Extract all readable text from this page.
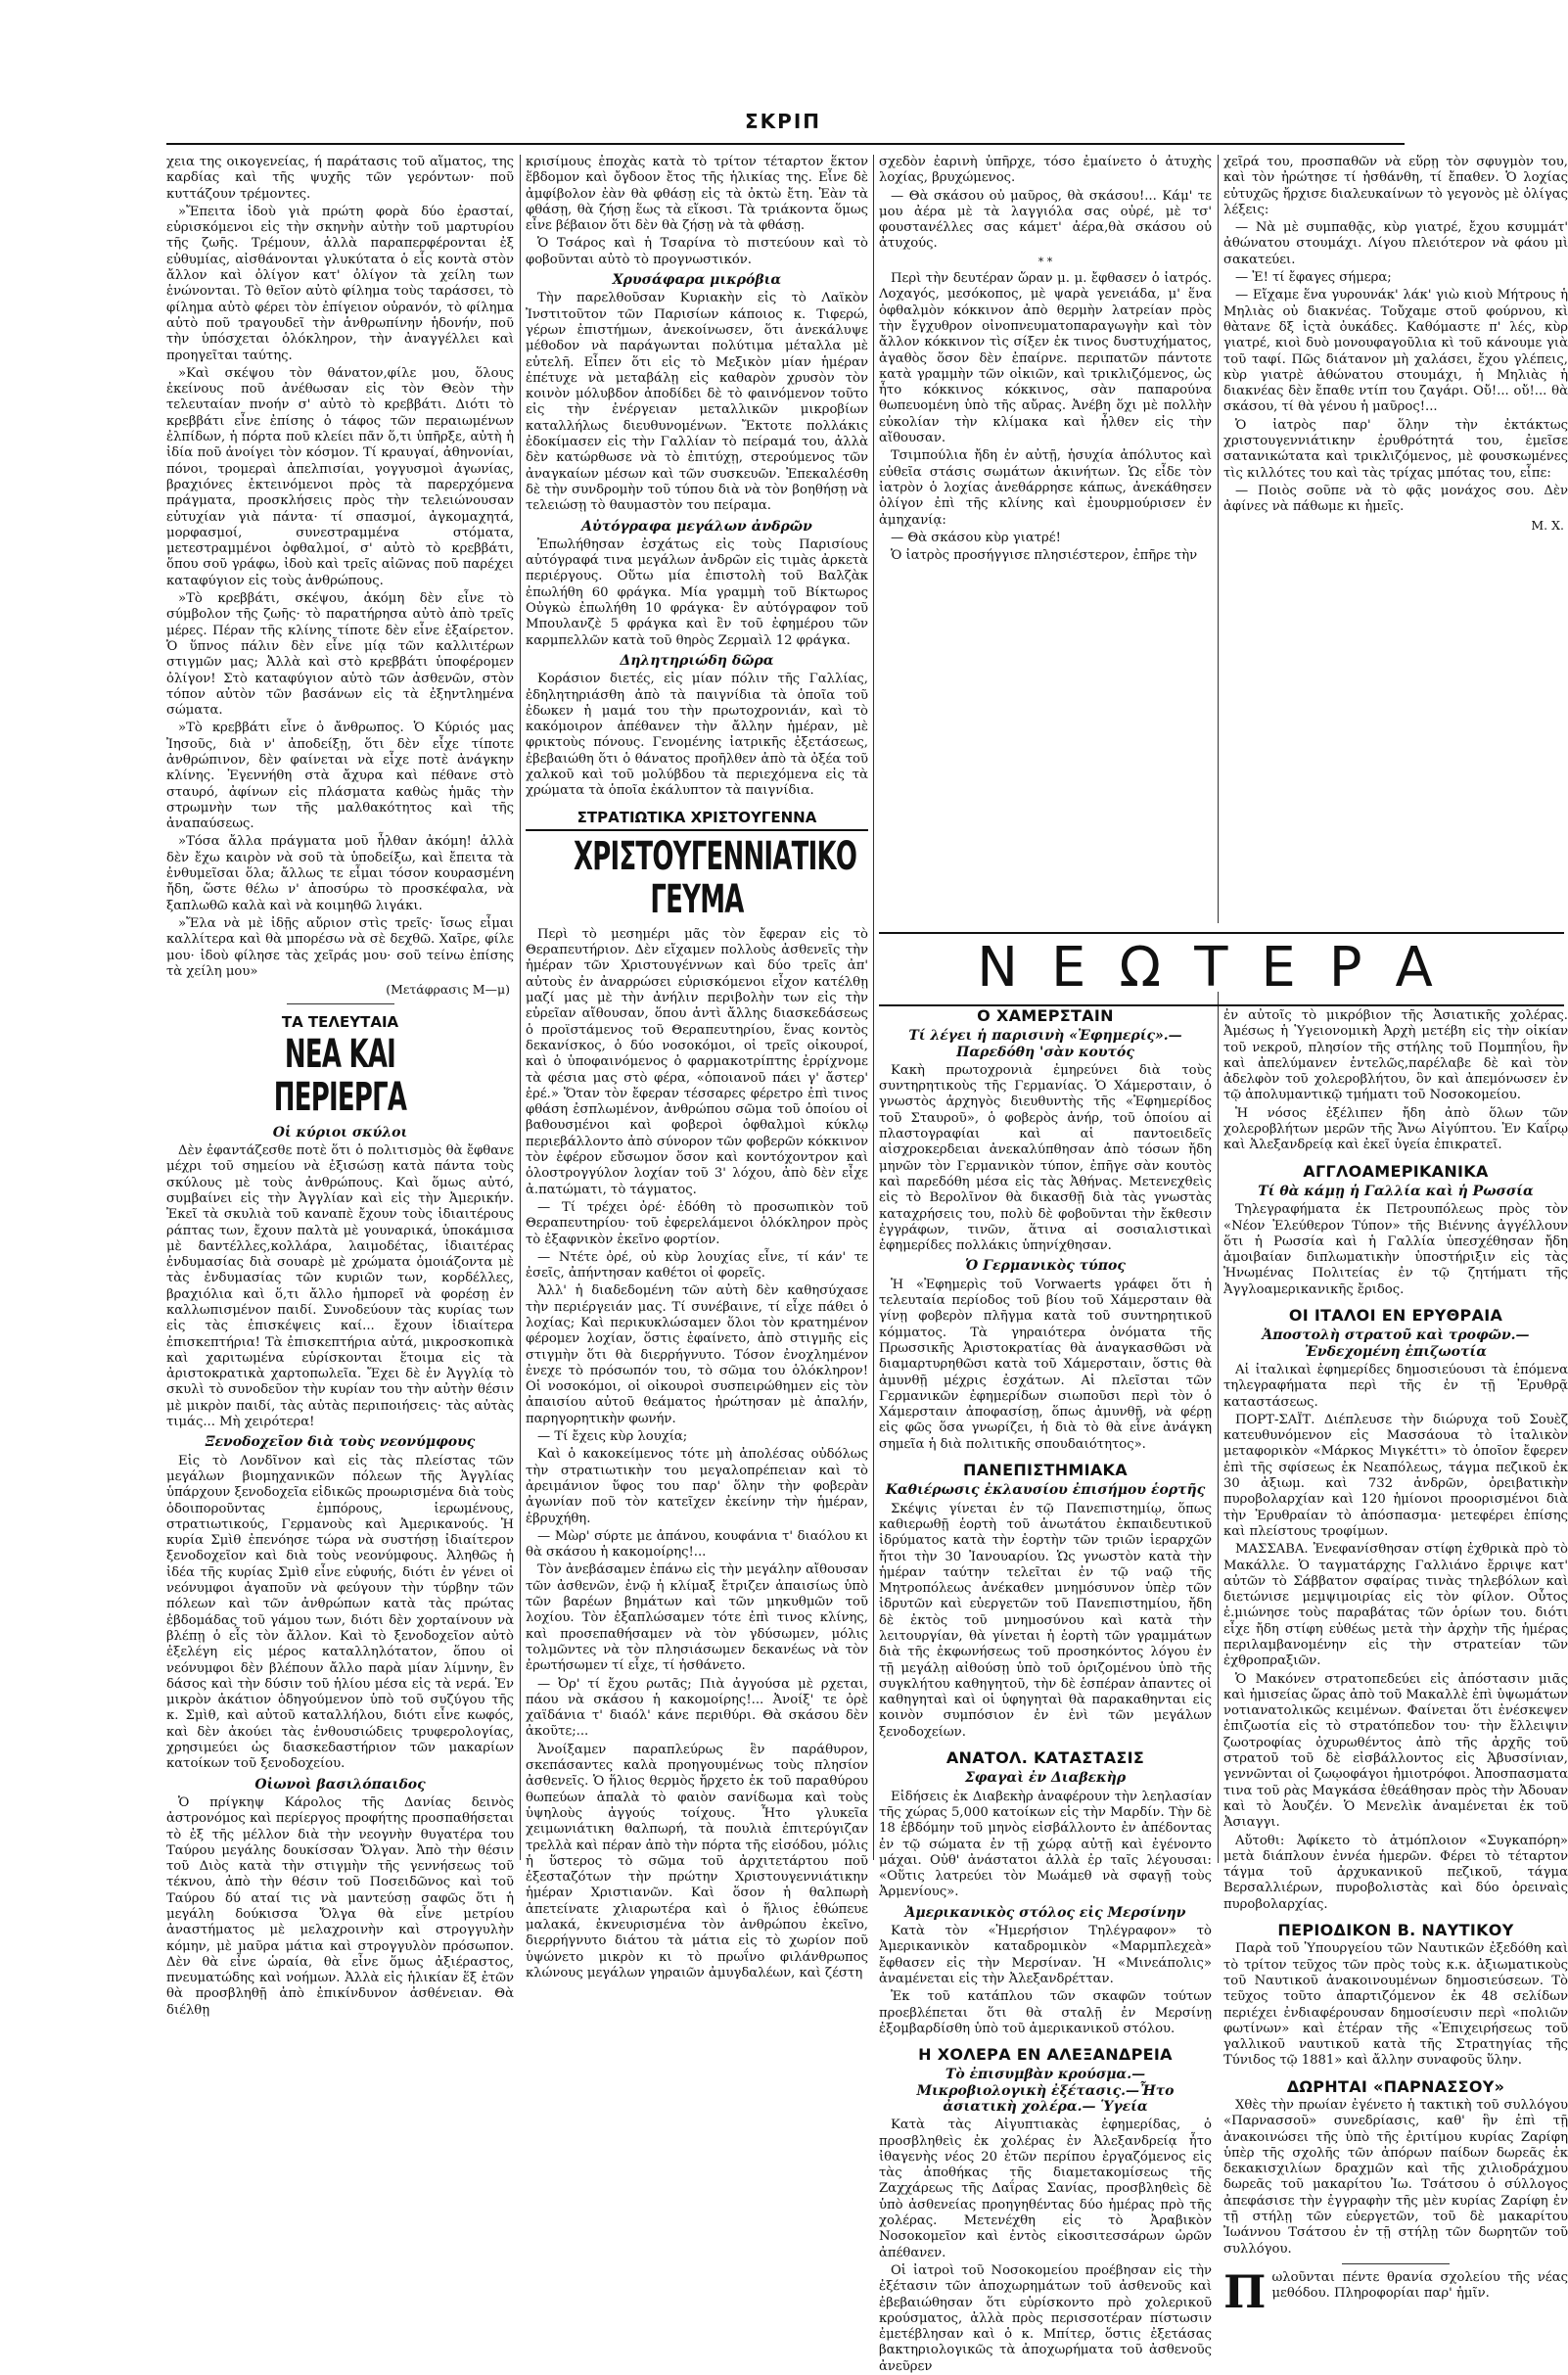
ΣΚΡΙΠ

χεια της οικογενείας, ή παράτασις τοῦ αἵματος, της καρδίας καὶ τῆς ψυχῆς τῶν γερόντων· ποῦ κυττάζουν τρέμοντες.

»Ἔπειτα ἰδοὺ γιὰ πρώτη φορὰ δύο ἐρασταί, εὑρισκόμενοι εἰς τὴν σκηνὴν αὐτὴν τοῦ μαρτυρίου τῆς ζωῆς. Τρέμουν, ἀλλὰ παραπερφέρονται ἐξ εὐθυμίας, αἰσθάνονται γλυκύτατα ὁ εἷς κοντὰ στὸν ἄλλον καὶ ὀλίγον κατ' ὀλίγον τὰ χείλη των ἑνώνονται. Τὸ θεῖον αὐτὸ φίλημα τοὺς ταράσσει, τὸ φίλημα αὐτὸ φέρει τὸν ἐπίγειον οὐρανόν, τὸ φίλημα αὐτὸ ποῦ τραγουδεῖ τὴν ἀνθρωπίνην ἡδονήν, ποῦ τὴν ὑπόσχεται ὁλόκληρον, τὴν ἀναγγέλλει καὶ προηγεῖται ταύτης.

»Καὶ σκέψου τὸν θάνατον,φίλε μου, ὅλους ἐκείνους ποῦ ἀνέθωσαν εἰς τὸν Θεὸν τὴν τελευταίαν πνοήν σ' αὐτὸ τὸ κρεββάτι. Διότι τὸ κρεββάτι εἶνε ἐπίσης ὁ τάφος τῶν περαιωμένων ἐλπίδων, ἡ πόρτα ποῦ κλείει πᾶν ὅ,τι ὑπῆρξε, αὐτὴ ἡ ἰδία ποῦ ἀνοίγει τὸν κόσμον. Τί κραυγαί, ἀθηνονίαι, πόνοι, τρομεραὶ ἀπελπισίαι, γογγυσμοὶ ἀγωνίας, βραχιόνες ἐκτεινόμενοι πρὸς τὰ παρερχόμενα πράγματα, προσκλήσεις πρὸς τὴν τελειώνουσαν εὐτυχίαν γιὰ πάντα· τί σπασμοί, ἀγκομαχητά, μορφασμοί, συνεστραμμένα στόματα, μετεστραμμένοι ὀφθαλμοί, σ' αὐτὸ τὸ κρεββάτι, ὅπου σοῦ γράφω, ἰδοὺ καὶ τρεῖς αἰῶνας ποῦ παρέχει καταφύγιον εἰς τοὺς ἀνθρώπους.

»Τὸ κρεββάτι, σκέψου, ἀκόμη δὲν εἶνε τὸ σύμβολον τῆς ζωῆς· τὸ παρατήρησα αὐτὸ ἀπὸ τρεῖς μέρες. Πέραν τῆς κλίνης τίποτε δὲν εἶνε ἐξαίρετον. Ὁ ὕπνος πάλιν δὲν εἶνε μίᾳ τῶν καλλιτέρων στιγμῶν μας; Ἀλλὰ καὶ στὸ κρεββάτι ὑποφέρομεν ὀλίγον! Στὸ καταφύγιον αὐτὸ τῶν ἀσθενῶν, στὸν τόπον αὐτὸν τῶν βασάνων εἰς τὰ ἐξηντλημένα σώματα.

»Τὸ κρεββάτι εἶνε ὁ ἄνθρωπος. Ὁ Κύριός μας Ἰησοῦς, διὰ ν' ἀποδείξῃ, ὅτι δὲν εἶχε τίποτε ἀνθρώπινον, δὲν φαίνεται νὰ εἶχε ποτὲ ἀνάγκην κλίνης. Ἐγεννήθη στὰ ἄχυρα καὶ πέθανε στὸ σταυρό, ἀφίνων εἰς πλάσματα καθὼς ἡμᾶς τὴν στρωμνὴν των τῆς μαλθακότητος καὶ τῆς ἀναπαύσεως.

»Τόσα ἄλλα πράγματα μοῦ ἦλθαν ἀκόμη! ἀλλὰ δὲν ἔχω καιρὸν νὰ σοῦ τὰ ὑποδείξω, καὶ ἔπειτα τὰ ἐνθυμεῖσαι ὅλα; ἄλλως τε εἶμαι τόσον κουρασμένη ἤδη, ὥστε θέλω ν' ἀποσύρω τὸ προσκέφαλα, νὰ ξαπλωθῶ καλὰ καὶ νὰ κοιμηθῶ λιγάκι.

»Ἔλα νὰ μὲ ἰδῇς αὔριον στὶς τρεῖς· ἴσως εἶμαι καλλίτερα καὶ θὰ μπορέσω νὰ σὲ δεχθῶ. Χαῖρε, φίλε μου· ἰδοὺ φίλησε τὰς χεῖράς μου· σοῦ τείνω ἐπίσης τὰ χείλη μου»

(Μετάφρασις Μ—μ)
ΤΑ ΤΕΛΕΥΤΑΙΑ
ΝΕΑ ΚΑΙ ΠΕΡΙΕΡΓΑ
Οἱ κύριοι σκύλοι

Δὲν ἐφαντάζεσθε ποτὲ ὅτι ὁ πολιτισμὸς θὰ ἔφθανε μέχρι τοῦ σημείου νὰ ἐξισώσῃ κατὰ πάντα τοὺς σκύλους μὲ τοὺς ἀνθρώπους. Καὶ ὅμως αὐτό, συμβαίνει εἰς τὴν Ἀγγλίαν καὶ εἰς τὴν Ἀμερικήν. Ἐκεῖ τὰ σκυλιὰ τοῦ καναπὲ ἔχουν τοὺς ἰδιαιτέρους ράπτας των, ἔχουν παλτὰ μὲ γουναρικά, ὑποκάμισα μὲ δαντέλλες,κολλάρα, λαιμοδέτας, ἰδιαιτέρας ἐνδυμασίας διὰ σουαρὲ μὲ χρώματα ὁμοιάζοντα μὲ τὰς ἐνδυμασίας τῶν κυριῶν των, κορδέλλες, βραχιόλια καὶ ὅ,τι ἄλλο ἡμπορεῖ νὰ φορέσῃ ἐν καλλωπισμένον παιδί. Συνοδεύουν τὰς κυρίας των εἰς τὰς ἐπισκέψεις καί... ἔχουν ἰδιαίτερα ἐπισκεπτήρια! Τὰ ἐπισκεπτήρια αὐτά, μικροσκοπικὰ καὶ χαριτωμένα εὑρίσκονται ἕτοιμα εἰς τὰ ἀριστοκρατικὰ χαρτοπωλεῖα. Ἔχει δὲ ἐν Ἀγγλίᾳ τὸ σκυλὶ τὸ συνοδεῦον τὴν κυρίαν του τὴν αὐτὴν θέσιν μὲ μικρὸν παιδί, τὰς αὐτὰς περιποιήσεις· τὰς αὐτὰς τιμάς... Μὴ χειρότερα!

Ξενοδοχεῖον διὰ τοὺς νεονύμφους

Εἰς τὸ Λονδῖνον καὶ εἰς τὰς πλείστας τῶν μεγάλων βιομηχανικῶν πόλεων τῆς Ἀγγλίας ὑπάρχουν ξενοδοχεῖα εἰδικῶς προωρισμένα διὰ τοὺς ὁδοιποροῦντας ἐμπόρους, ἱερωμένους, στρατιωτικούς, Γερμανοὺς καὶ Ἀμερικανούς. Ἡ κυρία Σμὶθ ἐπενόησε τώρα νὰ συστήσῃ ἰδιαίτερον ξενοδοχεῖον καὶ διὰ τοὺς νεονύμφους. Ἀληθῶς ἡ ἰδέα τῆς κυρίας Σμὶθ εἶνε εὐφυής, διότι ἐν γένει οἱ νεόνυμφοι ἀγαποῦν νὰ φεύγουν τὴν τύρβην τῶν πόλεων καὶ τῶν ἀνθρώπων κατὰ τὰς πρώτας ἑβδομάδας τοῦ γάμου των, διότι δὲν χορταίνουν νὰ βλέπῃ ὁ εἷς τὸν ἄλλον. Καὶ τὸ ξενοδοχεῖον αὐτὸ ἐξελέγη εἰς μέρος καταλληλότατον, ὅπου οἱ νεόνυμφοι δὲν βλέπουν ἄλλο παρὰ μίαν λίμνην, ἓν δάσος καὶ τὴν δύσιν τοῦ ἡλίου μέσα εἰς τὰ νερά. Ἐν μικρὸν ἀκάτιον ὁδηγούμενον ὑπὸ τοῦ συζύγου τῆς κ. Σμὶθ, καὶ αὐτοῦ καταλλήλου, διότι εἶνε κωφός, καὶ δὲν ἀκούει τὰς ἐνθουσιώδεις τρυφερολογίας, χρησιμεύει ὡς διασκεδαστήριον τῶν μακαρίων κατοίκων τοῦ ξενοδοχείου.

Οἰωνοὶ βασιλόπαιδος

Ὁ πρίγκηψ Κάρολος τῆς Δανίας δεινὸς ἀστρονόμος καὶ περίεργος προφήτης προσπαθήσεται τὸ ἐξ τῆς μέλλον διὰ τὴν νεογνὴν θυγατέρα του Ταύρου μεγάλης δουκίσσαν Ὄλγαν. Ἀπὸ τὴν θέσιν τοῦ Διὸς κατὰ τὴν στιγμὴν τῆς γεννήσεως τοῦ τέκνου, ἀπὸ τὴν θέσιν τοῦ Ποσειδῶνος καὶ τοῦ Ταύρου δύ αταί τις νὰ μαντεύσῃ σαφῶς ὅτι ἡ μεγάλη δούκισσα Ὄλγα θὰ εἶνε μετρίου ἀναστήματος μὲ μελαχροινὴν καὶ στρογγυλὴν κόμην, μὲ μαῦρα μάτια καὶ στρογγυλὸν πρόσωπον. Δὲν θὰ εἶνε ὡραία, θὰ εἶνε ὅμως ἀξιέραστος, πνευματώδης καὶ νοήμων. Ἀλλὰ εἰς ἡλικίαν ἕξ ἐτῶν θὰ προσβληθῇ ἀπὸ ἐπικίνδυνον ἀσθένειαν. Θὰ διέλθῃ

κρισίμους ἐποχὰς κατὰ τὸ τρίτον τέταρτον ἕκτον ἕβδομον καὶ ὄγδοον ἔτος τῆς ἡλικίας της. Εἶνε δὲ ἀμφίβολον ἐὰν θὰ φθάσῃ εἰς τὰ ὀκτὼ ἔτη. Ἐὰν τὰ φθάσῃ, θὰ ζήσῃ ἕως τὰ εἴκοσι. Τὰ τριάκοντα ὅμως εἶνε βέβαιον ὅτι δὲν θὰ ζήσῃ νὰ τὰ φθάσῃ.

Ὁ Τσάρος καὶ ἡ Τσαρίνα τὸ πιστεύουν καὶ τὸ φοβοῦνται αὐτὸ τὸ προγνωστικόν.

Χρυσάφαρα μικρόβια

Τὴν παρελθοῦσαν Κυριακὴν εἰς τὸ Λαϊκὸν Ἰνστιτοῦτον τῶν Παρισίων κάποιος κ. Τιφερώ, γέρων ἐπιστήμων, ἀνεκοίνωσεν, ὅτι ἀνεκάλυψε μέθοδον νὰ παράγωνται πολύτιμα μέταλλα μὲ εὐτελῆ. Εἶπεν ὅτι εἰς τὸ Μεξικὸν μίαν ἡμέραν ἐπέτυχε νὰ μεταβάλῃ εἰς καθαρὸν χρυσὸν τὸν κοινὸν μόλυβδον ἀποδίδει δὲ τὸ φαινόμενον τοῦτο εἰς τὴν ἐνέργειαν μεταλλικῶν μικροβίων καταλλήλως διευθυνομένων. Ἔκτοτε πολλάκις ἐδοκίμασεν εἰς τὴν Γαλλίαν τὸ πείραμά του, ἀλλὰ δὲν κατώρθωσε νὰ τὸ ἐπιτύχῃ, στερούμενος τῶν ἀναγκαίων μέσων καὶ τῶν συσκευῶν. Ἐπεκαλέσθη δὲ τὴν συνδρομὴν τοῦ τύπου διὰ νὰ τὸν βοηθήσῃ νὰ τελειώσῃ τὸ θαυμαστὸν του πείραμα.

Αὐτόγραφα μεγάλων ἀνδρῶν

Ἐπωλήθησαν ἐσχάτως εἰς τοὺς Παρισίους αὐτόγραφά τινα μεγάλων ἀνδρῶν εἰς τιμὰς ἀρκετὰ περιέργους. Οὕτω μία ἐπιστολὴ τοῦ Βαλζὰκ ἐπωλήθη 60 φράγκα. Μία γραμμὴ τοῦ Βίκτωρος Οὐγκὼ ἐπωλήθη 10 φράγκα· ἓν αὐτόγραφον τοῦ Μπουλανζὲ 5 φράγκα καὶ ἓν τοῦ ἐφημέρου τῶν καρμπελλῶν κατὰ τοῦ θηρὸς Ζερμαὶλ 12 φράγκα.

Δηλητηριώδη δῶρα

Κοράσιον διετές, εἰς μίαν πόλιν τῆς Γαλλίας, ἐδηλητηριάσθη ἀπὸ τὰ παιγνίδια τὰ ὁποῖα τοῦ ἐδωκεν ἡ μαμά του τὴν πρωτοχρονιάν, καὶ τὸ κακόμοιρον ἀπέθανεν τὴν ἄλλην ἡμέραν, μὲ φρικτοὺς πόνους. Γενομένης ἰατρικῆς ἐξετάσεως, ἐβεβαιώθη ὅτι ὁ θάνατος προῆλθεν ἀπὸ τὰ ὀξέα τοῦ χαλκοῦ καὶ τοῦ μολύβδου τὰ περιεχόμενα εἰς τὰ χρώματα τὰ ὁποῖα ἐκάλυπτον τὰ παιγνίδια.

ΣΤΡΑΤΙΩΤΙΚΑ ΧΡΙΣΤΟΥΓΕΝΝΑ
ΧΡΙΣΤΟΥΓΕΝΝΙΑΤΙΚΟ ΓΕΥΜΑ

Περὶ τὸ μεσημέρι μᾶς τὸν ἔφεραν εἰς τὸ Θεραπευτήριον. Δὲν εἴχαμεν πολλοὺς ἀσθενεῖς τὴν ἡμέραν τῶν Χριστουγέννων καὶ δύο τρεῖς ἀπ' αὐτοὺς ἐν ἀναρρώσει εὑρισκόμενοι εἶχον κατέλθῃ μαζί μας μὲ τὴν ἀνήλιν περιβολὴν των εἰς τὴν εὐρεῖαν αἴθουσαν, ὅπου ἀντὶ ἄλλης διασκεδάσεως ὁ προϊστάμενος τοῦ Θεραπευτηρίου, ἕνας κοντὸς δεκανίσκος, ὁ δύο νοσοκόμοι, οἱ τρεῖς οἰκουροί, καὶ ὁ ὑποφαινόμενος ὁ φαρμακοτρίπτης ἐρρίχνομε τὰ φέσια μας στὸ φέρα, «ὁποιανοῦ πάει γ' ἄστερ' ἐρέ.» Ὅταν τὸν ἔφεραν τέσσαρες φέρετρο ἐπὶ τινος φθάση ἐσπλωμένον, ἀνθρώπου σῶμα τοῦ ὁποίου οἱ βαθουσμένοι καὶ φοβεροὶ ὀφθαλμοὶ κύκλῳ περιεβάλλοντο ἀπὸ σύνορον τῶν φοβερῶν κόκκινον τὸν ἐφέρον εὔσωμον ὅσον καὶ κοντόχοντρον καὶ ὁλοστρογγύλον λοχίαν τοῦ 3' λόχου, ἀπὸ δὲν εἶχε ἀ.πατώματι, τὸ τάγματος.

— Τί τρέχει ὀρέ· ἐδόθη τὸ προσωπικὸν τοῦ Θεραπευτηρίου· τοῦ ἐφερελάμενοι ὁλόκληρον πρὸς τὸ ἐξαφνικὸν ἐκεῖνο φορτίον.

— Ντέτε ὀρέ, οὐ κὺρ λουχίας εἶνε, τί κάν' τε ἐσεῖς, ἀπήντησαν καθέτοι οἱ φορεῖς.

Ἀλλ' ἡ διαδεδομένη τῶν αὐτὴ δὲν καθησύχασε τὴν περιέργειάν μας. Τί συνέβαινε, τί εἶχε πάθει ὁ λοχίας; Καὶ περικυκλώσαμεν ὅλοι τὸν κρατημένον φέρομεν λοχίαν, ὅστις ἐφαίνετο, ἀπὸ στιγμῆς εἰς στιγμὴν ὅτι θὰ διερρήγνυτο. Τόσον ἐνοχλημένον ἐνεχε τὸ πρόσωπόν του, τὸ σῶμα του ὁλόκληρον! Οἱ νοσοκόμοι, οἱ οἰκουροὶ συσπειρώθημεν εἰς τὸν ἀπαισίου αὐτοῦ θεάματος ἠρώτησαν μὲ ἀπαλήν, παρηγορητικὴν φωνήν.

— Τί ἔχεις κὺρ λουχία;

Καὶ ὁ κακοκείμενος τότε μὴ ἀπολέσας οὐδόλως τὴν στρατιωτικὴν του μεγαλοπρέπειαν καὶ τὸ ἀρειμάνιον ὕφος του παρ' ὅλην τὴν φοβερὰν ἀγωνίαν ποῦ τὸν κατεῖχεν ἐκείνην τὴν ἡμέραν, ἐβρυχήθη.

— Μὼρ' σύρτε με ἀπάνου, κουφάνια τ' διαόλου κι θὰ σκάσου ἡ κακομοίρης!...

Τὸν ἀνεβάσαμεν ἐπάνω εἰς τὴν μεγάλην αἴθουσαν τῶν ἀσθενῶν, ἐνῷ ἡ κλίμαξ ἔτριζεν ἀπαισίως ὑπὸ τῶν βαρέων βημάτων καὶ τῶν μηκυθμῶν τοῦ λοχίου. Τὸν ἐξαπλώσαμεν τότε ἐπὶ τινος κλίνης, καὶ προσεπαθήσαμεν νὰ τὸν γδύσωμεν, μόλις τολμῶντες νὰ τὸν πλησιάσωμεν δεκανέως νὰ τὸν ἐρωτήσωμεν τί εἶχε, τί ἠσθάνετο.

— Ὀρ' τί ἔχου ρωτᾶς; Πιὰ ἀγγούσα μὲ ρχεται, πάου νὰ σκάσου ἡ κακομοίρης!... Ἀνοίξ' τε ὀρὲ χαϊδάνια τ' διαόλ' κάνε περιθύρι. Θὰ σκάσου δὲν ἀκοῦτε;...

Ἀνοίξαμεν παραπλεύρως ἓν παράθυρον, σκεπάσαντες καλὰ προηγουμένως τοὺς πλησίον ἀσθενεῖς. Ὁ ἥλιος θερμὸς ἤρχετο ἐκ τοῦ παραθύρου θωπεύων ἁπαλὰ τὸ φαιὸν σανίδωμα καὶ τοὺς ὑψηλοὺς ἀγγούς τοίχους. Ἦτο γλυκεῖα χειμωνιάτικη θαλπωρή, τὰ πουλιὰ ἐπιτερύγιζαν τρελλὰ καὶ πέραν ἀπὸ τὴν πόρτα τῆς εἰσόδου, μόλις ἡ ὕστερος τὸ σῶμα τοῦ ἀρχιτετάρτου ποῦ ἐξεσταζότων τὴν πρώτην Χριστουγεννιάτικην ἡμέραν Χριστιανῶν. Καὶ ὅσον ἡ θαλπωρὴ ἀπετείνατε χλιαρωτέρα καὶ ὁ ἥλιος ἐθώπευε μαλακά, ἐκνευρισμένα τὸν ἀνθρώπου ἐκεῖνο, διερρήγνυτο διάτου τὰ μάτια εἰς τὸ χωρίον ποῦ ὑψώνετο μικρὸν κι τὸ πρωΐνο φιλάνθρωπος κλώνους μεγάλων γηραιῶν ἀμυγδαλέων, καὶ ζέστη

σχεδὸν ἐαρινὴ ὑπῆρχε, τόσο ἐμαίνετο ὁ ἀτυχὴς λοχίας, βρυχώμενος.

— Θὰ σκάσου οὐ μαῦρος, θὰ σκάσου!... Κάμ' τε μου ἀέρα μὲ τὰ λαγγιόλα σας οὐρέ, μὲ τσ' φουστανέλλες σας κάμετ' ἀέρα,θὰ σκάσου οὐ ἀτυχούς.

* *

Περὶ τὴν δευτέραν ὥραν μ. μ. ἔφθασεν ὁ ἰατρός. Λοχαγός, μεσόκοπος, μὲ ψαρὰ γενειάδα, μ' ἕνα ὀφθαλμὸν κόκκινον ἀπὸ θερμὴν λατρείαν πρὸς τὴν ἔγχυθρον οἰνοπνευματοπαραγωγὴν καὶ τὸν ἄλλον κόκκινον τὶς σίξεν ἐκ τινος δυστυχήματος, ἀγαθὸς ὅσον δὲν ἐπαίρνε. περιπατῶν πάντοτε κατὰ γραμμὴν τῶν οἰκιῶν, καὶ τρικλιζόμενος, ὡς ἦτο κόκκινος κόκκινος, σὰν παπαρούνα θωπευομένη ὑπὸ τῆς αὔρας. Ἀνέβη ὅχι μὲ πολλὴν εὐκολίαν τὴν κλίμακα καὶ ἦλθεν εἰς τὴν αἴθουσαν.

Τσιμπούλια ἤδη ἐν αὐτῇ, ἡσυχία ἀπόλυτος καὶ εὐθεῖα στάσις σωμάτων ἀκινήτων. Ὡς εἶδε τὸν ἰατρὸν ὁ λοχίας ἀνεθάρρησε κάπως, ἀνεκάθησεν ὀλίγον ἐπὶ τῆς κλίνης καὶ ἐμουρμούρισεν ἐν ἀμηχανίᾳ:

— Θὰ σκάσου κὺρ γιατρέ!

Ὁ ἰατρὸς προσήγγισε πλησιέστερον, ἐπῆρε τὴν

χεῖρά του, προσπαθῶν νὰ εὕρῃ τὸν σφυγμὸν του, καὶ τὸν ἠρώτησε τί ἠσθάνθη, τί ἔπαθεν. Ὁ λοχίας εὐτυχῶς ἤρχισε διαλευκαίνων τὸ γεγονὸς μὲ ὀλίγας λέξεις:

— Νὰ μὲ συμπαθᾷς, κὺρ γιατρέ, ἔχου κσυμμάτ' ἀθώνατου στουμάχι. Λίγου πλειότερον νὰ φάου μὶ σακατεύει.

— Ἐ! τί ἔφαγες σήμερα;

— Εἴχαμε ἕνα γυρουνάκ' λάκ' γιὼ κιοὺ Μήτρους ἡ Μηλιὰς οὐ διακνέας. Τοὔχαμε στοῦ φούρνου, κὶ θὰτανε δξ ἰςτὰ ὀυκάδες. Καθόμαστε π' λές, κὺρ γιατρέ, κιοὶ δυὸ μονουφαγοῦλια κὶ τοῦ κάνουμε γιὰ τοῦ ταφί. Πῶς διάτανον μὴ χαλάσει, ἔχου γλέπεις, κὺρ γιατρὲ ἀθώνατου στουμάχι, ἡ Μηλιὰς ἡ διακνέας δὲν ἔπαθε ντίπ του ζαγάρι. Οὔ!... οὔ!... θὰ σκάσου, τί θὰ γένου ἡ μαῦρος!...

Ὁ ἰατρὸς παρ' ὅλην τὴν ἐκτάκτως χριστουγεννιάτικην ἐρυθρότητά του, ἐμεῖσε σατανικώτατα καὶ τρικλιζόμενος, μὲ φουσκωμένες τὶς κιλλότες του καὶ τὰς τρίχας μπότας του, εἶπε:

— Ποιὸς σοῦπε νὰ τὸ φᾷς μονάχος σου. Δὲν ἀφίνες νὰ πάθωμε κι ἡμεῖς.

Μ. Χ.
ΝΕΩΤΕΡΑ
Ο ΧΑΜΕΡΣΤΑΙΝ
Τί λέγει ἡ παρισινὴ «Ἐφημερίς».— Παρεδόθη 'σὰν κουτός

Κακὴ πρωτοχρονιὰ ἐμηρεύνει διὰ τοὺς συντηρητικοὺς τῆς Γερμανίας. Ὁ Χάμερσταιν, ὁ γνωστὸς ἀρχηγὸς διευθυντὴς τῆς «Ἐφημερίδος τοῦ Σταυροῦ», ὁ φοβερὸς ἀνήρ, τοῦ ὁποίου αἱ πλαστογραφίαι καὶ αἱ παντοειδεῖς αἰσχροκερδειαι ἀνεκαλύπθησαν ἀπὸ τόσων ἤδη μηνῶν τὸν Γερμανικὸν τύπον, ἐπῆγε σὰν κουτὸς καὶ παρεδόθη μέσα εἰς τὰς Ἀθήνας. Μετενεχθεὶς εἰς τὸ Βερολῖνον θὰ δικασθῇ διὰ τὰς γνωστὰς καταχρήσεις του, πολὺ δὲ φοβοῦνται τὴν ἔκθεσιν ἐγγράφων, τινῶν, ἅτινα αἱ σοσιαλιστικαὶ ἐφημερίδες πολλάκις ὑπηνίχθησαν.

Ὁ Γερμανικὸς τύπος

Ἡ «Ἐφημερὶς τοῦ Vorwaerts γράφει ὅτι ἡ τελευταία περίοδος τοῦ βίου τοῦ Χάμερσταιν θὰ γίνῃ φοβερὸν πλῆγμα κατὰ τοῦ συντηρητικοῦ κόμματος. Τὰ γηραιότερα ὀνόματα τῆς Πρωσσικῆς Ἀριστοκρατίας θὰ ἀναγκασθῶσι νὰ διαμαρτυρηθῶσι κατὰ τοῦ Χάμερσταιν, ὅστις θὰ ἀμυνθῇ μέχρις ἐσχάτων. Αἱ πλεῖσται τῶν Γερμανικῶν ἐφημερίδων σιωποῦσι περὶ τὸν ὁ Χάμερσταιν ἀποφασίσῃ, ὅπως ἀμυνθῇ, νὰ φέρῃ εἰς φῶς ὅσα γνωρίζει, ἡ διὰ τὸ θὰ εἶνε ἀνάγκη σημεῖα ἡ διὰ πολιτικῆς σπουδαιότητος».

ΠΑΝΕΠΙΣΤΗΜΙΑΚΑ
Καθιέρωσις ἐκλαυσίου ἐπισήμου ἑορτῆς

Σκέψις γίνεται ἐν τῷ Πανεπιστημίῳ, ὅπως καθιερωθῇ ἑορτὴ τοῦ ἀνωτάτου ἐκπαιδευτικοῦ ἱδρύματος κατὰ τὴν ἑορτὴν τῶν τριῶν ἱεραρχῶν ἤτοι τὴν 30 Ἰανουαρίου. Ὡς γνωστὸν κατὰ τὴν ἡμέραν ταύτην τελεῖται ἐν τῷ ναῷ τῆς Μητροπόλεως ἀνέκαθεν μνημόσυνον ὑπὲρ τῶν ἱδρυτῶν καὶ εὐεργετῶν τοῦ Πανεπιστημίου, ἤδη δὲ ἐκτὸς τοῦ μνημοσύνου καὶ κατὰ τὴν λειτουργίαν, θὰ γίνεται ἡ ἑορτὴ τῶν γραμμάτων διὰ τῆς ἐκφωνήσεως τοῦ προσηκόντος λόγου ἐν τῇ μεγάλῃ αἰθούσῃ ὑπὸ τοῦ ὁριζομένου ὑπὸ τῆς συγκλήτου καθηγητοῦ, τὴν δὲ ἑσπέραν ἀπαντες οἱ καθηγηταὶ καὶ οἱ ὑφηγηταὶ θὰ παρακαθηνται εἰς κοινὸν συμπόσιον ἐν ἑνὶ τῶν μεγάλων ξενοδοχείων.

ΑΝΑΤΟΛ. ΚΑΤΑΣΤΑΣΙΣ
Σφαγαὶ ἐν Διαβεκὴρ

Εἰδήσεις ἐκ Διαβεκὴρ ἀναφέρουν τὴν λεηλασίαν τῆς χώρας 5,000 κατοίκων εἰς τὴν Μαρδίν. Τὴν δὲ 18 ἑβδόμην τοῦ μηνὸς εἰσβάλλοντο ἐν ἀπέδοντας ἐν τῷ σώματα ἐν τῇ χώρᾳ αὐτῇ καὶ ἐγένοντο μάχαι. Οὐθ' ἀνάστατοι ἀλλὰ ἐρ ταῖς λέγουσαι: «Οὕτις λατρεύει τὸν Μωάμεθ νὰ σφαγῇ τοὺς Ἀρμενίους».

Ἀμερικανικὸς στόλος εἰς Μερσίνην

Κατὰ τὸν «Ἡμερήσιον Τηλέγραφον» τὸ Ἀμερικανικὸν καταδρομικὸν «Μαρμπλεχεὰ» ἔφθασεν εἰς τὴν Μερσίναν. Ἡ «Μινεάπολις» ἀναμένεται εἰς τὴν Ἀλεξανδρέτταν.

Ἐκ τοῦ κατάπλου τῶν σκαφῶν τούτων προεβλέπεται ὅτι θὰ σταλῇ ἐν Μερσίνῃ ἐξομβαρδίσθη ὑπὸ τοῦ ἀμερικανικοῦ στόλου.

Η ΧΟΛΕΡΑ ΕΝ ΑΛΕΞΑΝΔΡΕΙΑ
Τὸ ἐπισυμβὰν κρούσμα.— Μικροβιολογικὴ ἐξέτασις.—Ἦτο ἀσιατικὴ χολέρα.— Ὑγεία

Κατὰ τὰς Αἰγυπτιακὰς ἐφημερίδας, ὁ προσβληθεὶς ἐκ χολέρας ἐν Ἀλεξανδρείᾳ ἦτο ἰθαγενὴς νέος 20 ἐτῶν περίπου ἐργαζόμενος εἰς τὰς ἀποθήκας τῆς διαμετακομίσεως τῆς Ζαχχάρεως τῆς Δαΐρας Σανίας, προσβληθεὶς δὲ ὑπὸ ἀσθενείας προηγηθέντας δύο ἡμέρας πρὸ τῆς χολέρας. Μετενέχθη εἰς τὸ Ἀραβικὸν Νοσοκομεῖον καὶ ἐντὸς εἰκοσιτεσσάρων ὡρῶν ἀπέθανεν.

Οἱ ἰατροὶ τοῦ Νοσοκομείου προέβησαν εἰς τὴν ἐξέτασιν τῶν ἀποχωρημάτων τοῦ ἀσθενοῦς καὶ ἐβεβαιώθησαν ὅτι εὑρίσκοντο πρὸ χολερικοῦ κρούσματος, ἀλλὰ πρὸς περισσοτέραν πίστωσιν ἐμετέβλησαν καὶ ὁ κ. Μπίτερ, ὅστις ἐξετάσας βακτηριολογικῶς τὰ ἀποχωρήματα τοῦ ἀσθενοῦς ἀνεῦρεν

ἐν αὐτοῖς τὸ μικρόβιον τῆς Ἀσιατικῆς χολέρας. Ἀμέσως ἡ Ὑγειονομικὴ Ἀρχὴ μετέβη εἰς τὴν οἰκίαν τοῦ νεκροῦ, πλησίον τῆς στήλης τοῦ Πομπηΐου, ἣν καὶ ἀπελύμανεν ἐντελῶς,παρέλαβε δὲ καὶ τὸν ἀδελφὸν τοῦ χολεροβλήτου, ὃν καὶ ἀπεμόνωσεν ἐν τῷ ἀπολυμαντικῷ τμήματι τοῦ Νοσοκομείου.

Ἡ νόσος ἐξέλιπεν ἤδη ἀπὸ ὅλων τῶν χολεροβλήτων μερῶν τῆς Ἄνω Αἰγύπτου. Ἐν Καΐρῳ καὶ Ἀλεξανδρείᾳ καὶ ἐκεῖ ὑγεία ἐπικρατεῖ.

ΑΓΓΛΟΑΜΕΡΙΚΑΝΙΚΑ
Τί θὰ κάμῃ ἡ Γαλλία καὶ ἡ Ρωσσία

Τηλεγραφήματα ἐκ Πετρουπόλεως πρὸς τὸν «Νέον Ἐλεύθερον Τύπον» τῆς Βιέννης ἀγγέλλουν ὅτι ἡ Ρωσσία καὶ ἡ Γαλλία ὑπεσχέθησαν ἤδη ἀμοιβαίαν διπλωματικὴν ὑποστήριξιν εἰς τὰς Ἡνωμένας Πολιτείας ἐν τῷ ζητήματι τῆς Ἀγγλοαμερικανικῆς ἔριδος.

ΟΙ ΙΤΑΛΟΙ ΕΝ ΕΡΥΘΡΑΙΑ
Ἀποστολὴ στρατοῦ καὶ τροφῶν.— Ἐνδεχομένη ἐπιζωοτία

Αἱ ἰταλικαὶ ἐφημερίδες δημοσιεύουσι τὰ ἑπόμενα τηλεγραφήματα περὶ τῆς ἐν τῇ Ἐρυθρᾷ καταστάσεως.

ΠΟΡΤ-ΣΑΪΤ. Διέπλευσε τὴν διώρυχα τοῦ Σουὲζ κατευθυνόμενον εἰς Μασσάουα τὸ ἰταλικὸν μεταφορικὸν «Μάρκος Μιγκέττι» τὸ ὁποῖον ἔφερεν ἐπὶ τῆς σφίσεως ἐκ Νεαπόλεως, τάγμα πεζικοῦ ἐκ 30 ἀξιωμ. καὶ 732 ἀνδρῶν, ὀρειβατικὴν πυροβολαρχίαν καὶ 120 ἡμίονοι προορισμένοι διὰ τὴν Ἐρυθραίαν τὸ ἀπόσπασμα· μετεφέρει ἐπίσης καὶ πλείστους τροφίμων.

ΜΑΣΣΑΒΑ. Ἐνεφανίσθησαν στίφη ἐχθρικὰ πρὸ τὸ Μακάλλε. Ὁ ταγματάρχης Γαλλιάνο ἔρριψε κατ' αὐτῶν τὸ Σάββατον σφαίρας τινὰς τηλεβόλων καὶ διετώνισε μεμψιμοιρίας εἰς τὸν φίλον. Οὗτος ἐ.μιώνησε τοὺς παραβάτας τῶν ὁρίων του. διότι εἶχε ἤδη στίφη εὐθέως μετὰ τὴν ἀρχὴν τῆς ἡμέρας περιλαμβανομένην εἰς τὴν στρατείαν τῶν ἐχθροπραξιῶν.

Ὁ Μακόνεν στρατοπεδεύει εἰς ἀπόστασιν μιᾶς καὶ ἡμισείας ὥρας ἀπὸ τοῦ Μακαλλὲ ἐπὶ ὑψωμάτων νοτιανατολικῶς κειμένων. Φαίνεται ὅτι ἐνέσκεψεν ἐπιζωοτία εἰς τὸ στρατόπεδον του· τὴν ἔλλειψιν ζωοτροφίας ὀχυρωθέντος ἀπὸ τῆς ἀρχῆς τοῦ στρατοῦ τοῦ δὲ εἰσβάλλοντος εἰς Ἀβυσσίνιαν, γεννῶνται οἱ ζωῳοφάγοι ἠμιοτρόφοι. Ἀποσπασματα τινα τοῦ ρὰς Μαγκάσα ἐθεάθησαν πρὸς τὴν Ἀδουαν καὶ τὸ Ἀουζέν. Ὁ Μενελὶκ ἀναμένεται ἐκ τοῦ Ἀσιαγγι.

Αὔτοθι: Ἀφίκετο τὸ ἀτμόπλοιον «Συγκαπόρη» μετὰ διάπλουν ἐννέα ἡμερῶν. Φέρει τὸ τέταρτον τάγμα τοῦ ἀρχυκανικοῦ πεζικοῦ, τάγμα Βερσαλλιέρων, πυροβολιστὰς καὶ δύο ὀρειναὶς πυροβολαρχίας.

ΠΕΡΙΟΔΙΚΟΝ Β. ΝΑΥΤΙΚΟΥ

Παρὰ τοῦ Ὑπουργείου τῶν Ναυτικῶν ἐξεδόθη καὶ τὸ τρίτον τεῦχος τῶν πρὸς τοὺς κ.κ. ἀξιωματικοὺς τοῦ Ναυτικοῦ ἀνακοινουμένων δημοσιεύσεων. Τὸ τεῦχος τοῦτο ἀπαρτιζόμενον ἐκ 48 σελίδων περιέχει ἐνδιαφέρουσαν δημοσίευσιν περὶ «πολιῶν φωτίνων» καὶ ἑτέραν τῆς «Ἐπιχειρήσεως τοῦ γαλλικοῦ ναυτικοῦ κατὰ τῆς Στρατηγίας τῆς Τύνιδος τῷ 1881» καὶ ἄλλην συναφοῦς ὕλην.

ΔΩΡΗΤΑΙ «ΠΑΡΝΑΣΣΟΥ»

Χθὲς τὴν πρωίαν ἐγένετο ἡ τακτικὴ τοῦ συλλόγου «Παρνασσοῦ» συνεδρίασις, καθ' ἣν ἐπὶ τῇ ἀνακοινώσει τῆς ὑπὸ τῆς ἐριτίμου κυρίας Ζαρίφη ὑπὲρ τῆς σχολῆς τῶν ἀπόρων παίδων δωρεᾶς ἐκ δεκακισχιλίων δραχμῶν καὶ τῆς χιλιοδράχμου δωρεᾶς τοῦ μακαρίτου Ἰω. Τσάτσου ὁ σύλλογος ἀπεφάσισε τὴν ἐγγραφὴν τῆς μὲν κυρίας Ζαρίφη ἐν τῇ στήλῃ τῶν εὐεργετῶν, τοῦ δὲ μακαρίτου Ἰωάννου Τσάτσου ἐν τῇ στήλῃ τῶν δωρητῶν τοῦ συλλόγου.

Πωλοῦνται πέντε θρανία σχολείου τῆς νέας μεθόδου. Πληροφορίαι παρ' ἡμῖν.
